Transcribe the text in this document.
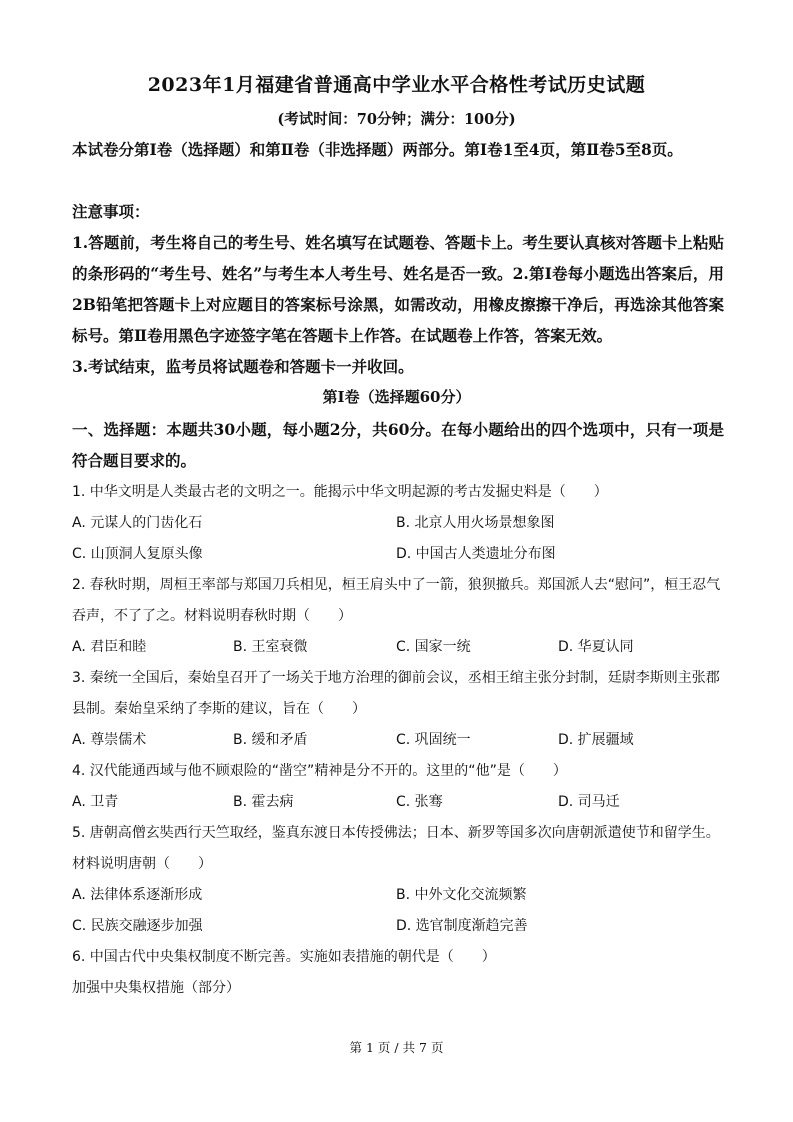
2023年1月福建省普通高中学业水平合格性考试历史试题
(考试时间：70分钟；满分：100分)

本试卷分第Ⅰ卷（选择题）和第Ⅱ卷（非选择题）两部分。第Ⅰ卷1至4页，第Ⅱ卷5至8页。

注意事项：

1.答题前，考生将自己的考生号、姓名填写在试题卷、答题卡上。考生要认真核对答题卡上粘贴的条形码的“考生号、姓名”与考生本人考生号、姓名是否一致。2.第Ⅰ卷每小题选出答案后，用2B铅笔把答题卡上对应题目的答案标号涂黑，如需改动，用橡皮擦擦干净后，再选涂其他答案标号。第Ⅱ卷用黑色字迹签字笔在答题卡上作答。在试题卷上作答，答案无效。

3.考试结束，监考员将试题卷和答题卡一并收回。

第Ⅰ卷（选择题60分）

一、选择题：本题共30小题，每小题2分，共60分。在每小题给出的四个选项中，只有一项是符合题目要求的。

1. 中华文明是人类最古老的文明之一。能揭示中华文明起源的考古发掘史料是（　　）

A. 元谋人的门齿化石	B. 北京人用火场景想象图
C. 山顶洞人复原头像	D. 中国古人类遗址分布图

2. 春秋时期，周桓王率部与郑国刀兵相见，桓王肩头中了一箭，狼狈撤兵。郑国派人去“慰问”，桓王忍气吞声，不了了之。材料说明春秋时期（　　）

A. 君臣和睦	B. 王室衰微	C. 国家一统	D. 华夏认同

3. 秦统一全国后，秦始皇召开了一场关于地方治理的御前会议，丞相王绾主张分封制，廷尉李斯则主张郡县制。秦始皇采纳了李斯的建议，旨在（　　）

A. 尊崇儒术	B. 缓和矛盾	C. 巩固统一	D. 扩展疆域

4. 汉代能通西域与他不顾艰险的“凿空”精神是分不开的。这里的“他”是（　　）

A. 卫青	B. 霍去病	C. 张骞	D. 司马迁

5. 唐朝高僧玄奘西行天竺取经，鉴真东渡日本传授佛法；日本、新罗等国多次向唐朝派遣使节和留学生。材料说明唐朝（　　）

A. 法律体系逐渐形成	B. 中外文化交流频繁
C. 民族交融逐步加强	D. 选官制度渐趋完善

6. 中国古代中央集权制度不断完善。实施如表措施的朝代是（　　）

加强中央集权措施（部分）

第 1 页 / 共 7 页
